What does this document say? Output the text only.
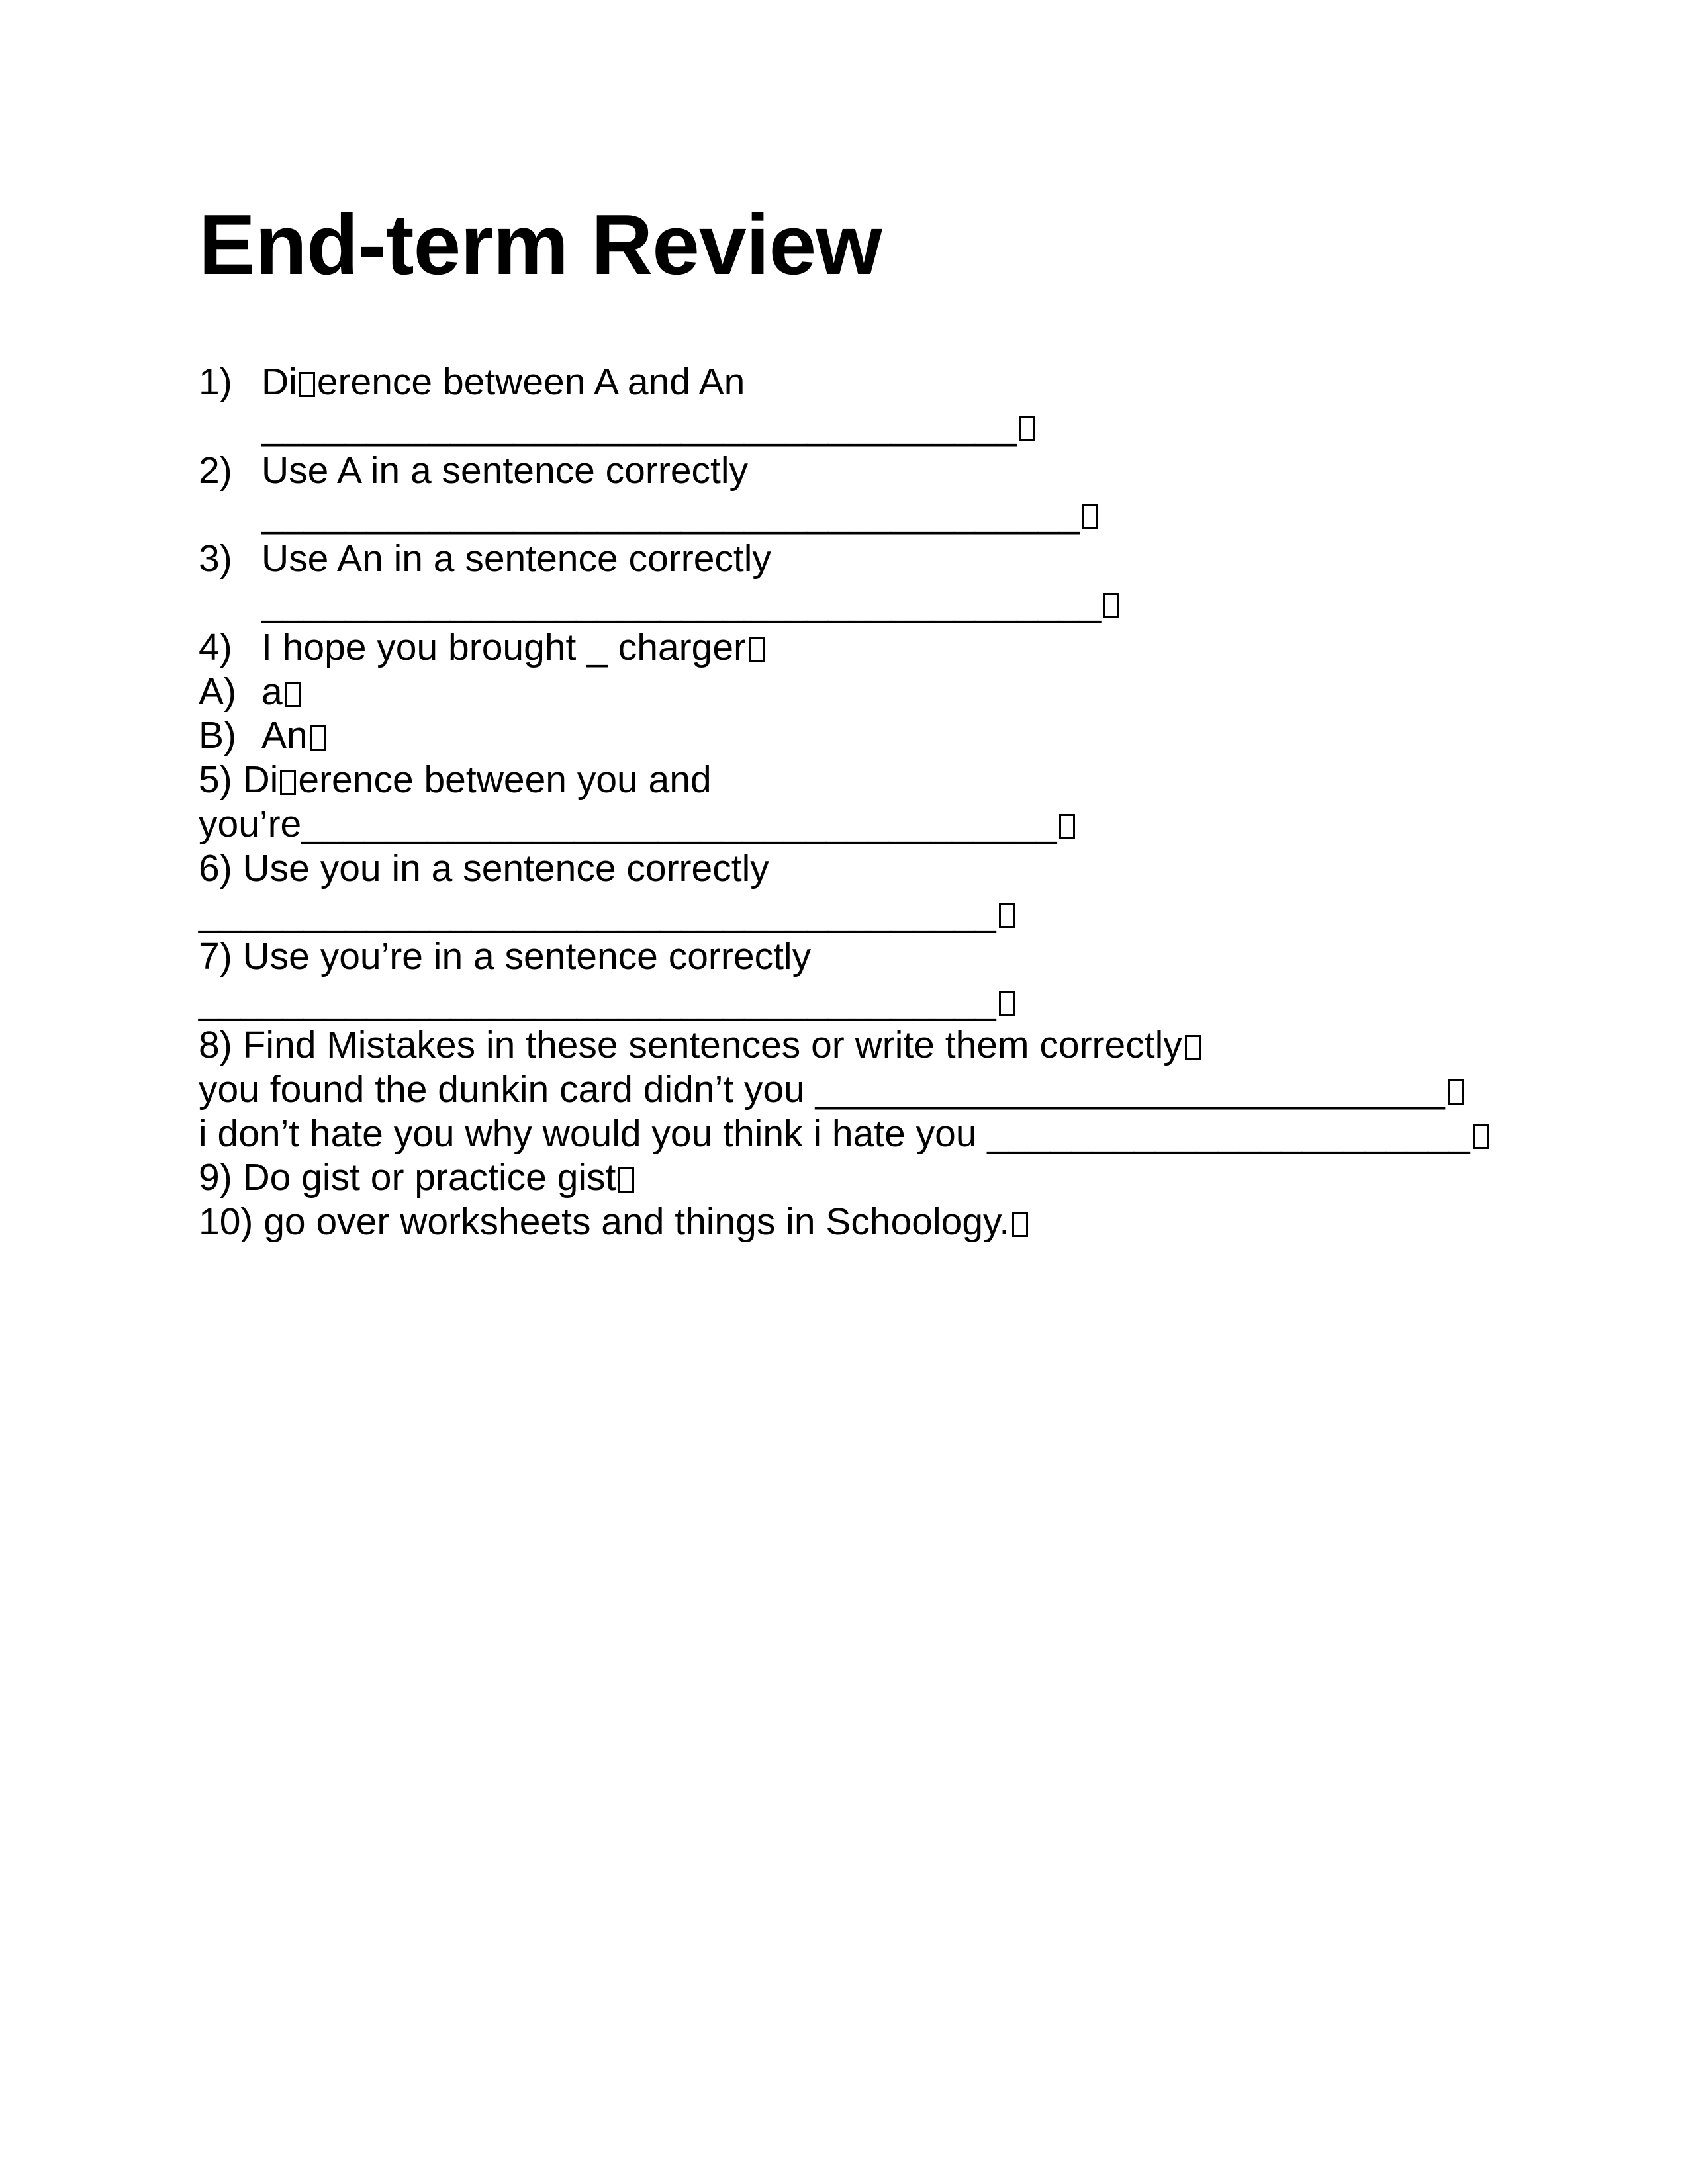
End-term Review
1) Di erence between A and An
____________________________________
2) Use A in a sentence correctly
_______________________________________
3) Use An in a sentence correctly
________________________________________
4) I hope you brought _ charger
A) a
B) An
5) Di erence between you and
you’re____________________________________
6) Use you in a sentence correctly
______________________________________
7) Use you’re in a sentence correctly
______________________________________
8) Find Mistakes in these sentences or write them correctly
you found the dunkin card didn’t you ______________________________
i don’t hate you why would you think i hate you _______________________
9) Do gist or practice gist
10) go over worksheets and things in Schoology.
